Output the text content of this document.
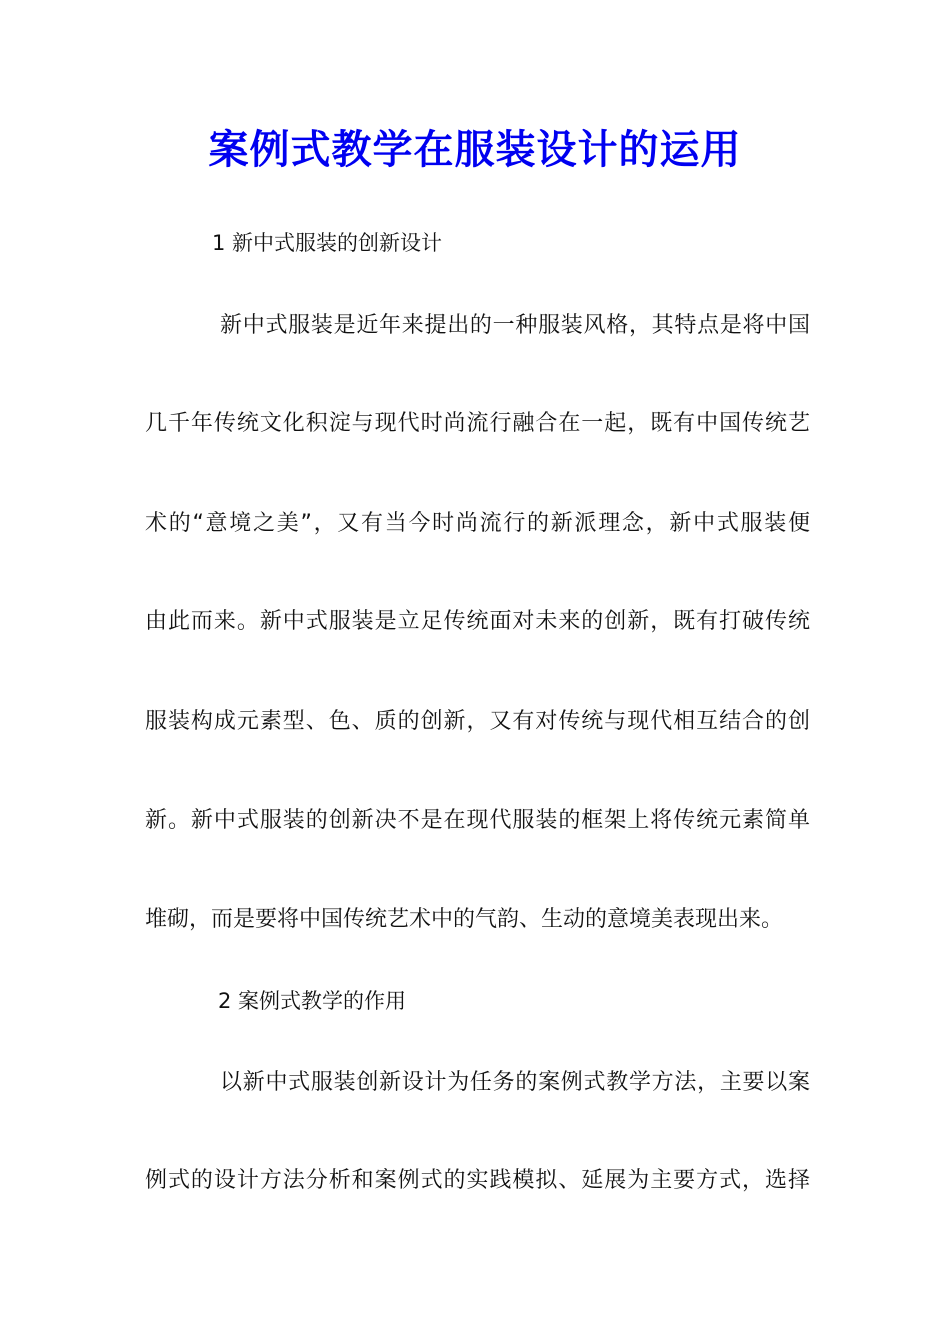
案例式教学在服装设计的运用
1 新中式服装的创新设计
新中式服装是近年来提出的一种服装风格，其特点是将中国
几千年传统文化积淀与现代时尚流行融合在一起，既有中国传统艺
术的“意境之美”，又有当今时尚流行的新派理念，新中式服装便
由此而来。新中式服装是立足传统面对未来的创新，既有打破传统
服装构成元素型、色、质的创新，又有对传统与现代相互结合的创
新。新中式服装的创新决不是在现代服装的框架上将传统元素简单
堆砌，而是要将中国传统艺术中的气韵、生动的意境美表现出来。
2 案例式教学的作用
以新中式服装创新设计为任务的案例式教学方法，主要以案
例式的设计方法分析和案例式的实践模拟、延展为主要方式，选择
